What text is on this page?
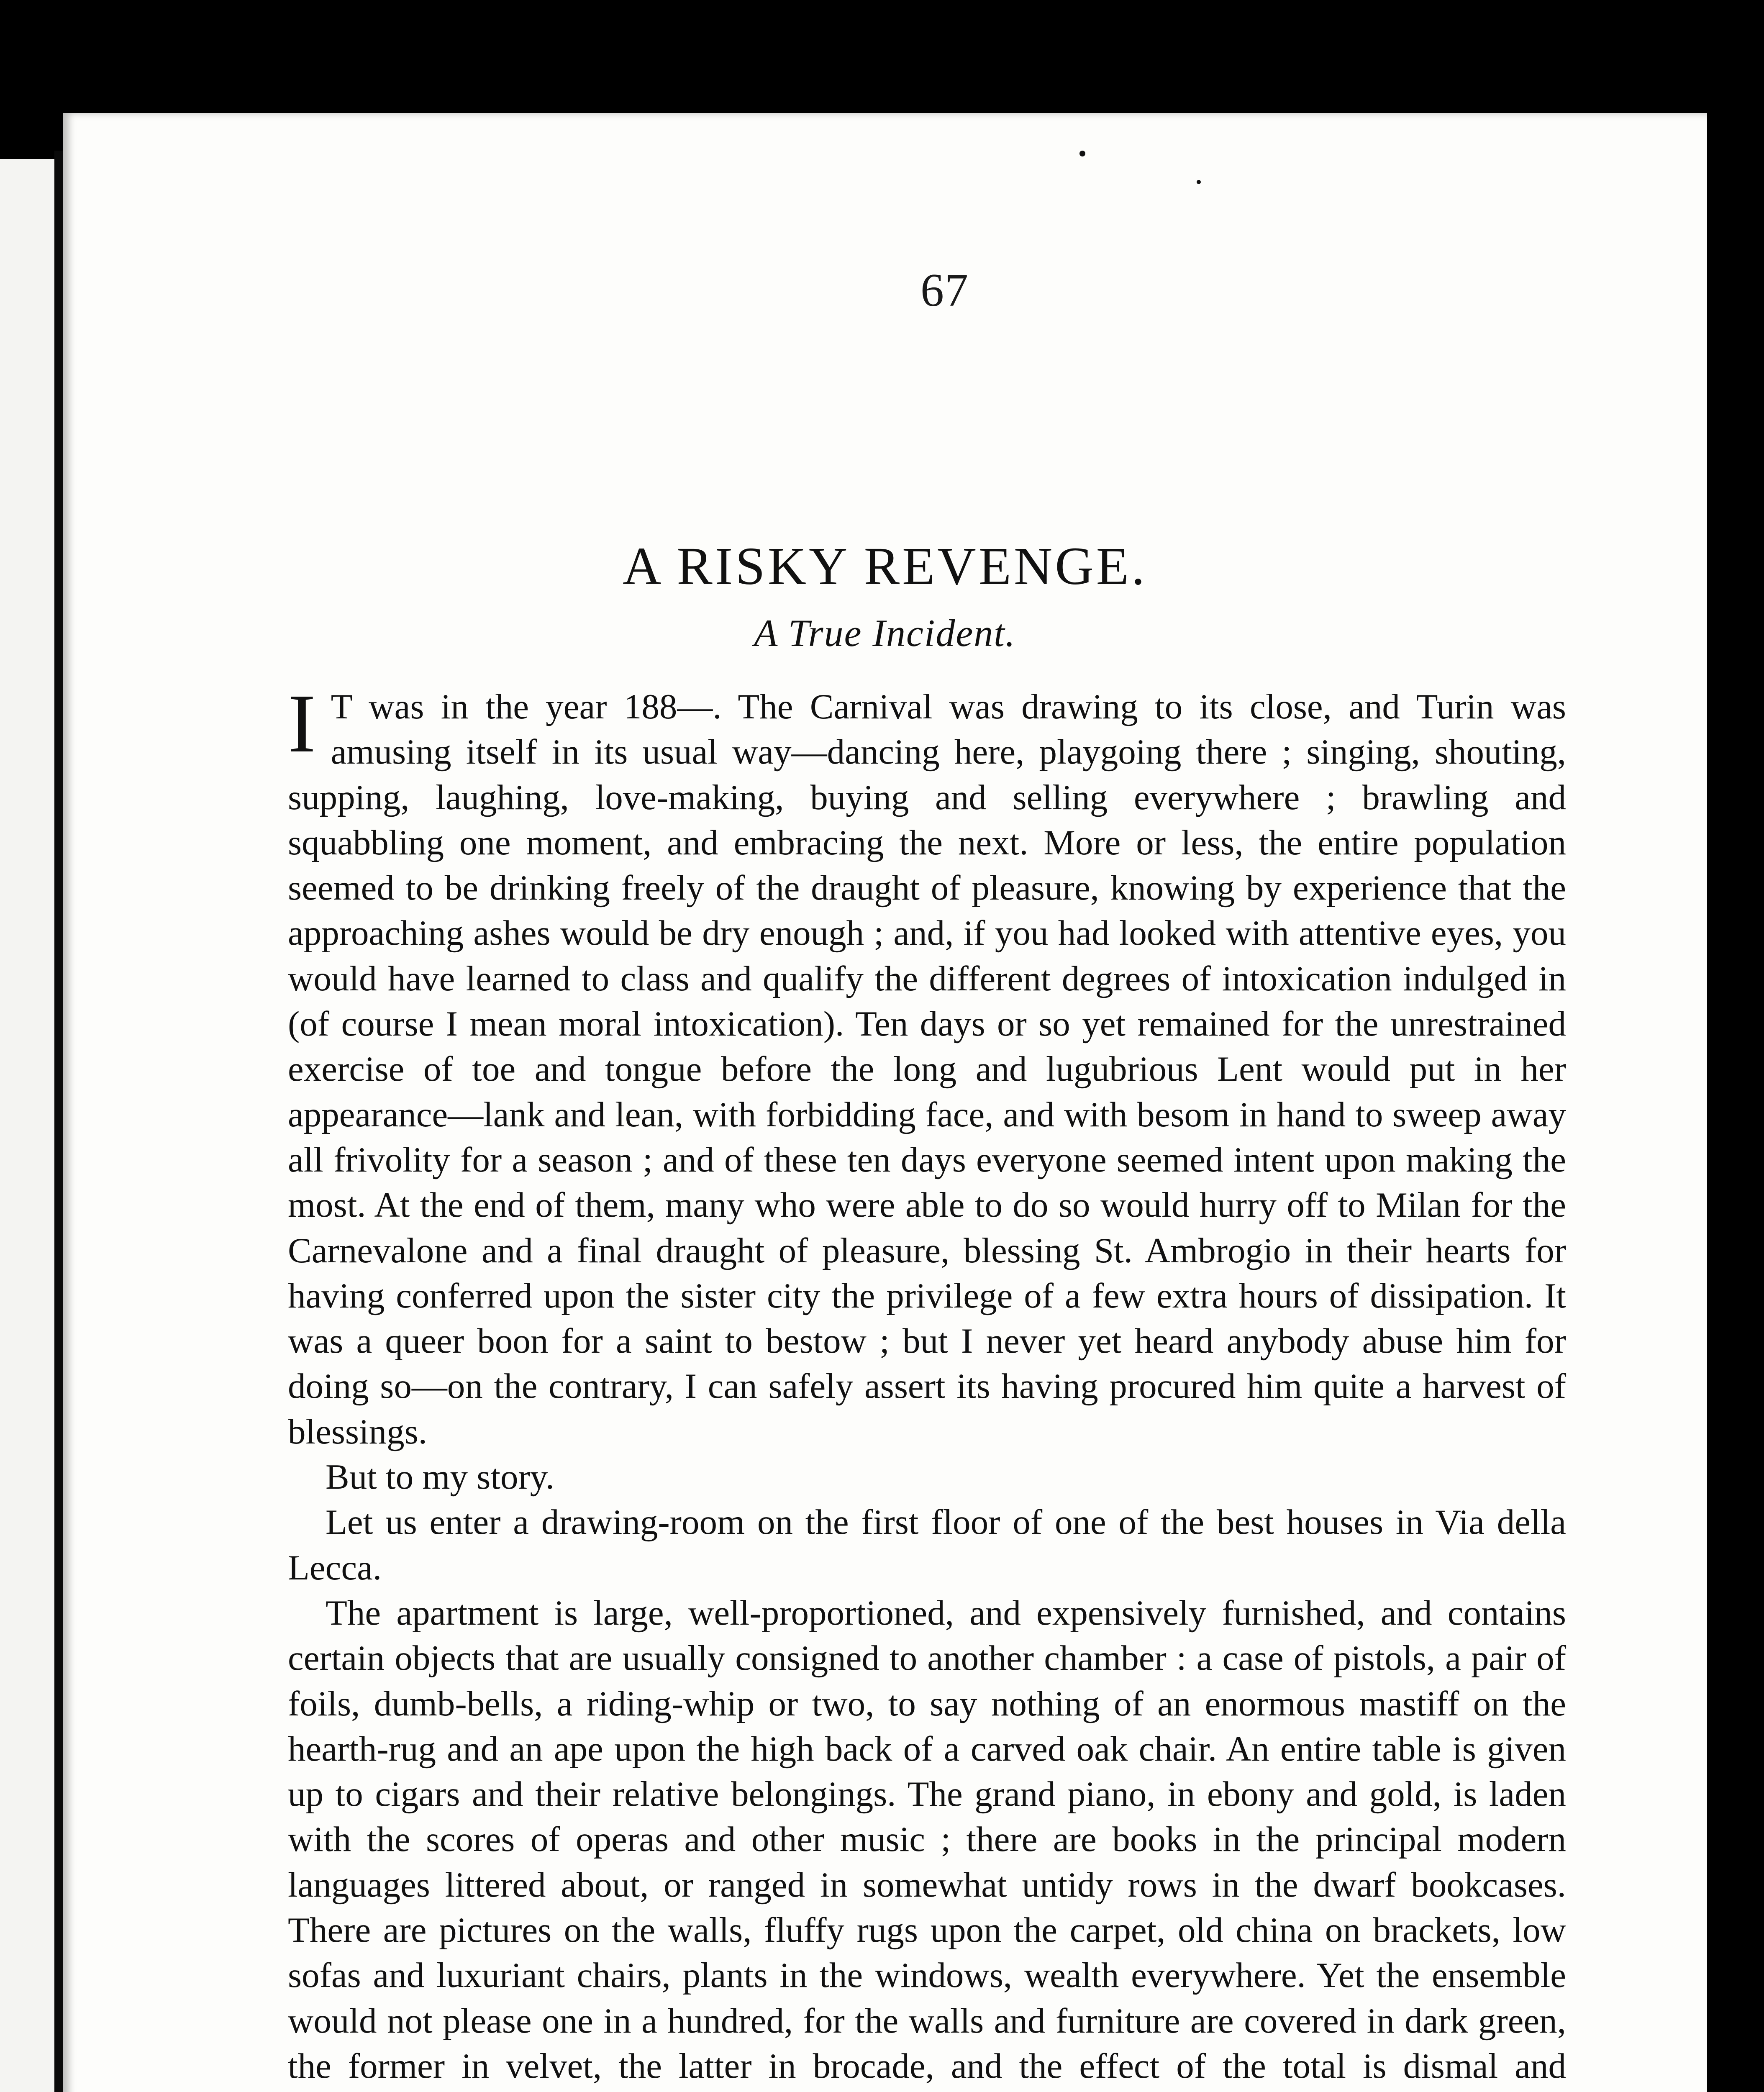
67
A RISKY REVENGE.
A True Incident.

I T was in the year 188—. The Carnival was drawing to its close, and Turin was amusing itself in its usual way—dancing here, playgoing there ; singing, shouting, supping, laughing, love-making, buying and selling everywhere ; brawling and squabbling one moment, and embracing the next. More or less, the entire population seemed to be drinking freely of the draught of pleasure, knowing by experience that the approaching ashes would be dry enough ; and, if you had looked with attentive eyes, you would have learned to class and qualify the different degrees of intoxication indulged in (of course I mean moral intoxication). Ten days or so yet remained for the unrestrained exercise of toe and tongue before the long and lugubrious Lent would put in her appearance—lank and lean, with forbidding face, and with besom in hand to sweep away all frivolity for a season ; and of these ten days everyone seemed intent upon making the most. At the end of them, many who were able to do so would hurry off to Milan for the Carnevalone and a final draught of pleasure, blessing St. Ambrogio in their hearts for having conferred upon the sister city the privilege of a few extra hours of dissipation. It was a queer boon for a saint to bestow ; but I never yet heard anybody abuse him for doing so—on the contrary, I can safely assert its having procured him quite a harvest of blessings.

But to my story.

Let us enter a drawing-room on the first floor of one of the best houses in Via della Lecca.

The apartment is large, well-proportioned, and expensively furnished, and contains certain objects that are usually consigned to another chamber : a case of pistols, a pair of foils, dumb-bells, a riding-whip or two, to say nothing of an enormous mastiff on the hearth-rug and an ape upon the high back of a carved oak chair. An entire table is given up to cigars and their relative belongings. The grand piano, in ebony and gold, is laden with the scores of operas and other music ; there are books in the principal modern languages littered about, or ranged in somewhat untidy rows in the dwarf bookcases. There are pictures on the walls, fluffy rugs upon the carpet, old china on brackets, low sofas and luxuriant chairs, plants in the windows, wealth everywhere. Yet the ensemble would not please one in a hundred, for the walls and furniture are covered in dark green, the former in velvet, the latter in brocade, and the effect of the total is dismal and
